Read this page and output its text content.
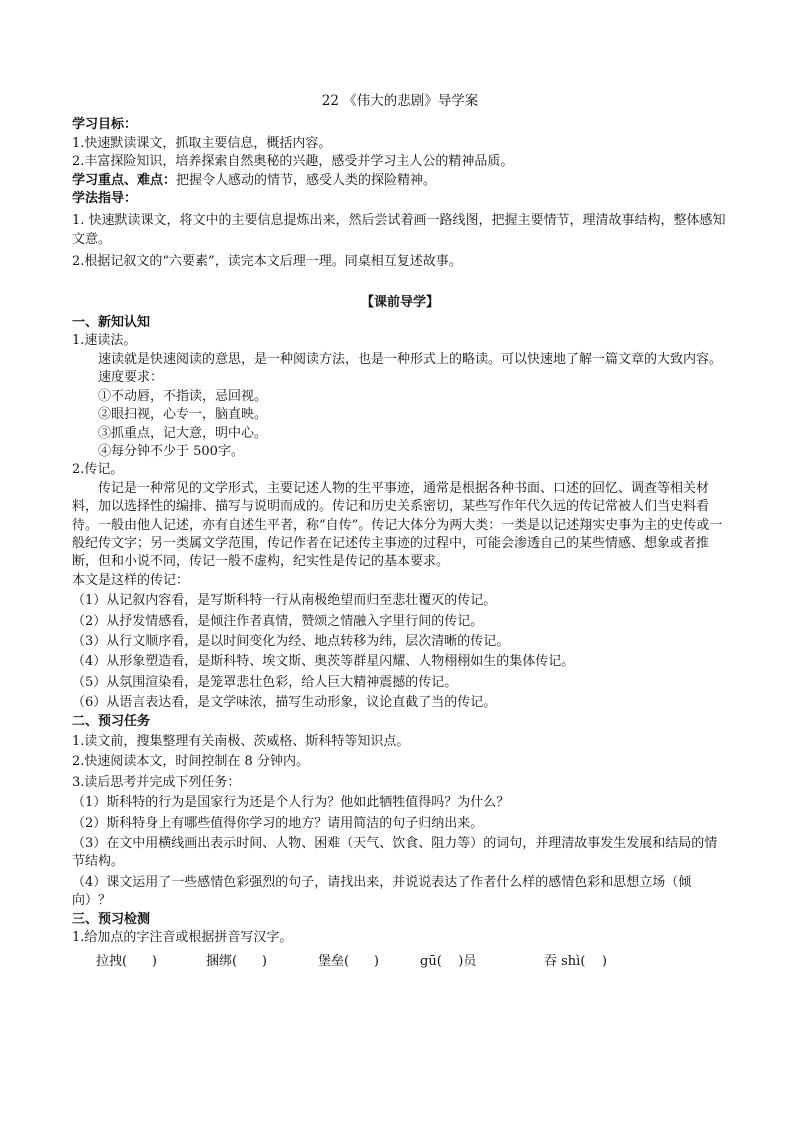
22 《伟大的悲剧》导学案

学习目标：

1.快速默读课文，抓取主要信息，概括内容。

2.丰富探险知识，培养探索自然奥秘的兴趣，感受并学习主人公的精神品质。

学习重点、难点：把握令人感动的情节，感受人类的探险精神。

学法指导：

1. 快速默读课文，将文中的主要信息提炼出来，然后尝试着画一路线图，把握主要情节，理清故事结构，整体感知文意。

2.根据记叙文的“六要素”，读完本文后理一理。同桌相互复述故事。

【课前导学】

一、新知认知

1.速读法。

速读就是快速阅读的意思，是一种阅读方法，也是一种形式上的略读。可以快速地了解一篇文章的大致内容。

速度要求：

①不动唇，不指读，忌回视。

②眼扫视，心专一，脑直映。

③抓重点，记大意，明中心。

④每分钟不少于 500字。

2.传记。

传记是一种常见的文学形式，主要记述人物的生平事迹，通常是根据各种书面、口述的回忆、调查等相关材料，加以选择性的编排、描写与说明而成的。传记和历史关系密切，某些写作年代久远的传记常被人们当史料看待。一般由他人记述，亦有自述生平者，称“自传”。传记大体分为两大类：一类是以记述翔实史事为主的史传或一般纪传文字；另一类属文学范围，传记作者在记述传主事迹的过程中，可能会渗透自己的某些情感、想象或者推断，但和小说不同，传记一般不虚构，纪实性是传记的基本要求。

本文是这样的传记：

（1）从记叙内容看，是写斯科特一行从南极绝望而归至悲壮覆灭的传记。

（2）从抒发情感看，是倾注作者真情，赞颂之情融入字里行间的传记。

（3）从行文顺序看，是以时间变化为经、地点转移为纬，层次清晰的传记。

（4）从形象塑造看，是斯科特、埃文斯、奥茨等群星闪耀、人物栩栩如生的集体传记。

（5）从氛围渲染看，是笼罩悲壮色彩，给人巨大精神震撼的传记。

（6）从语言表达看，是文学味浓，描写生动形象，议论直截了当的传记。

二、预习任务

1.读文前，搜集整理有关南极、茨威格、斯科特等知识点。

2.快速阅读本文，时间控制在 8 分钟内。

3.读后思考并完成下列任务：

（1）斯科特的行为是国家行为还是个人行为？他如此牺牲值得吗？为什么？

（2）斯科特身上有哪些值得你学习的地方？请用简洁的句子归纳出来。

（3）在文中用横线画出表示时间、人物、困难（天气、饮食、阻力等）的词句，并理清故事发生发展和结局的情节结构。

（4）课文运用了一些感情色彩强烈的句子，请找出来，并说说表达了作者什么样的感情色彩和思想立场（倾向）？

三、预习检测

1.给加点的字注音或根据拼音写汉字。

拉拽(      )	捆绑(      )	堡垒(      )	gū(    )员	吞 shì(    )
